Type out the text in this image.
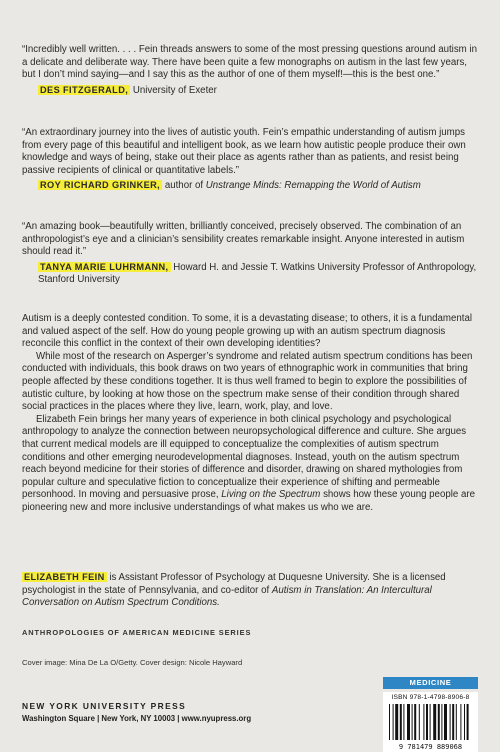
“Incredibly well written. . . . Fein threads answers to some of the most pressing questions around autism in a delicate and deliberate way. There have been quite a few monographs on autism in the last few years, but I don’t mind saying—and I say this as the author of one of them myself!—this is the best one.”

DES FITZGERALD, University of Exeter

“An extraordinary journey into the lives of autistic youth. Fein’s empathic understanding of autism jumps from every page of this beautiful and intelligent book, as we learn how autistic people produce their own knowledge and ways of being, stake out their place as agents rather than as patients, and resist being passive recipients of clinical or quantitative labels.”

ROY RICHARD GRINKER, author of Unstrange Minds: Remapping the World of Autism

“An amazing book—beautifully written, brilliantly conceived, precisely observed. The combination of an anthropologist’s eye and a clinician’s sensibility creates remarkable insight. Anyone interested in autism should read it.”

TANYA MARIE LUHRMANN, Howard H. and Jessie T. Watkins University Professor of Anthropology, Stanford University

Autism is a deeply contested condition. To some, it is a devastating disease; to others, it is a fundamental and valued aspect of the self. How do young people growing up with an autism spectrum diagnosis reconcile this conflict in the context of their own developing identities?

While most of the research on Asperger’s syndrome and related autism spectrum conditions has been conducted with individuals, this book draws on two years of ethnographic work in communities that bring people affected by these conditions together. It is thus well framed to begin to explore the possibilities of autistic culture, by looking at how those on the spectrum make sense of their condition through shared social practices in the places where they live, learn, work, play, and love.

Elizabeth Fein brings her many years of experience in both clinical psychology and psychological anthropology to analyze the connection between neuropsychological difference and culture. She argues that current medical models are ill equipped to conceptualize the complexities of autism spectrum conditions and other emerging neurodevelopmental diagnoses. Instead, youth on the autism spectrum reach beyond medicine for their stories of difference and disorder, drawing on shared mythologies from popular culture and speculative fiction to conceptualize their experience of shifting and permeable personhood. In moving and persuasive prose, Living on the Spectrum shows how these young people are pioneering new and more inclusive understandings of what makes us who we are.

ELIZABETH FEIN is Assistant Professor of Psychology at Duquesne University. She is a licensed psychologist in the state of Pennsylvania, and co-editor of Autism in Translation: An Intercultural Conversation on Autism Spectrum Conditions.
ANTHROPOLOGIES OF AMERICAN MEDICINE SERIES
Cover image: Mina De La O/Getty. Cover design: Nicole Hayward
NEW YORK UNIVERSITY PRESS
Washington Square | New York, NY 10003 | www.nyupress.org
MEDICINE
ISBN 978-1-4798-8906-8
9 781479 889068
